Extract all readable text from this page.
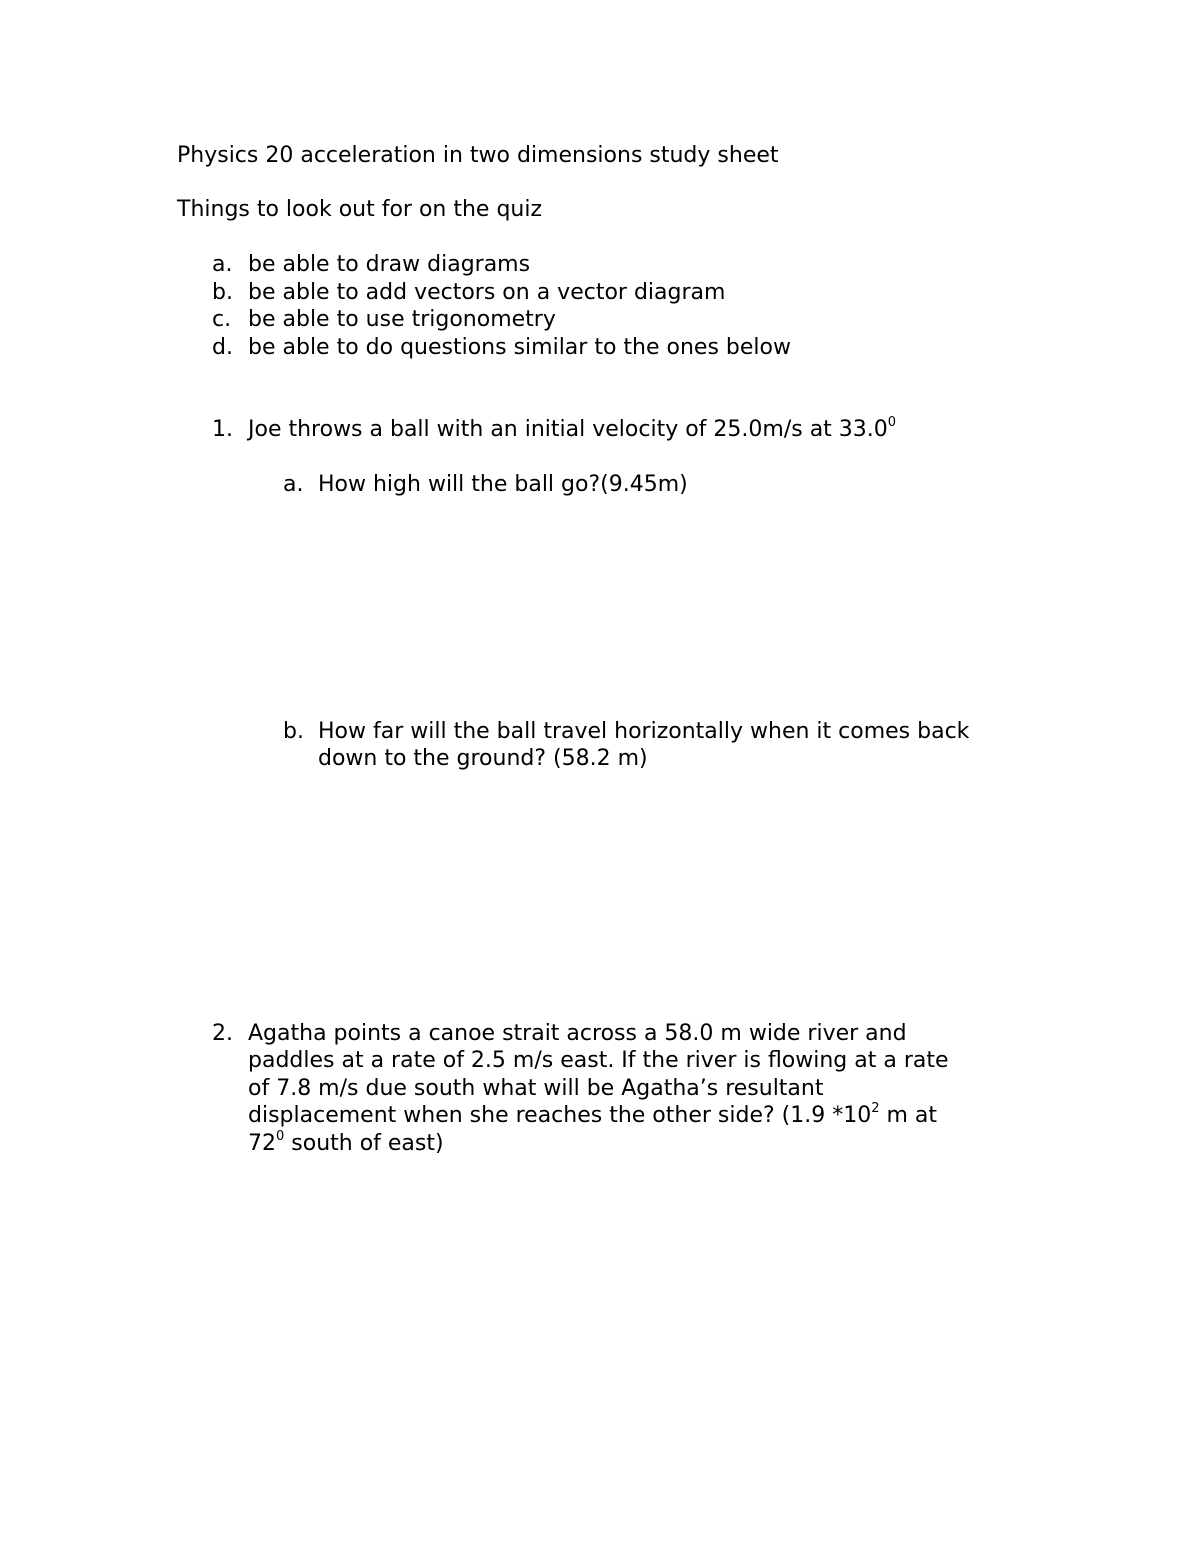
Physics 20 acceleration in two dimensions study sheet
Things to look out for on the quiz
a. be able to draw diagrams
b. be able to add vectors on a vector diagram
c. be able to use trigonometry
d. be able to do questions similar to the ones below
1. Joe throws a ball with an initial velocity of 25.0m/s at 33.0$^0$
a. How high will the ball go?(9.45m)
b. How far will the ball travel horizontally when it comes back
down to the ground? (58.2 m)
2. Agatha points a canoe strait across a 58.0 m wide river and
paddles at a rate of 2.5 m/s east. If the river is flowing at a rate
of 7.8 m/s due south what will be Agatha’s resultant
displacement when she reaches the other side? (1.9 $*10^2$ m at
$72^0$ south of east)
